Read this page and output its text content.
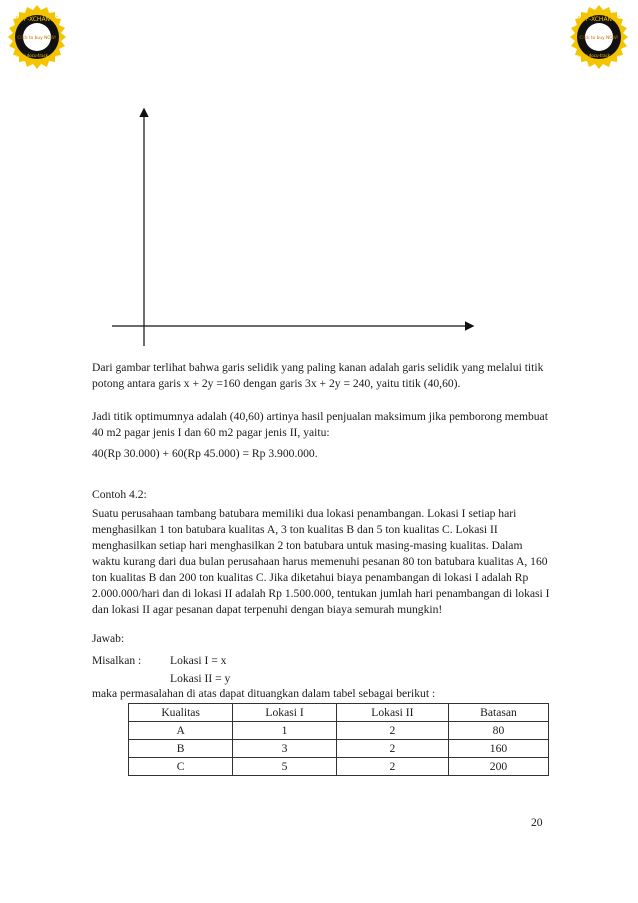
PDF-XCHANGE
Click to buy NOW!
www.docu-track.com
PDF-XCHANGE
Click to buy NOW!
www.docu-track.com

Dari gambar terlihat bahwa garis selidik yang paling kanan adalah garis selidik yang melalui titik potong antara garis x + 2y =160 dengan garis 3x + 2y = 240, yaitu titik (40,60).

Jadi titik optimumnya adalah (40,60) artinya hasil penjualan maksimum jika pemborong membuat 40 m2 pagar jenis I dan 60 m2 pagar jenis II, yaitu:

40(Rp 30.000) + 60(Rp 45.000) = Rp 3.900.000.

Contoh 4.2:
Suatu perusahaan tambang batubara memiliki dua lokasi penambangan. Lokasi I setiap hari menghasilkan 1 ton batubara kualitas A, 3 ton kualitas B dan 5 ton kualitas C. Lokasi II menghasilkan setiap hari menghasilkan 2 ton batubara untuk masing-masing kualitas. Dalam waktu kurang dari dua bulan perusahaan harus memenuhi pesanan 80 ton batubara kualitas A, 160 ton kualitas B dan 200 ton kualitas C. Jika diketahui biaya penambangan di lokasi I adalah Rp 2.000.000/hari dan di lokasi II adalah Rp 1.500.000, tentukan jumlah hari penambangan di lokasi I dan lokasi II agar pesanan dapat terpenuhi dengan biaya semurah mungkin!
Jawab:
Misalkan : Lokasi I = x
Lokasi II = y
maka permasalahan di atas dapat dituangkan dalam tabel sebagai berikut :
Kualitas	Lokasi I	Lokasi II	Batasan
A	1	2	80
B	3	2	160
C	5	2	200
20
